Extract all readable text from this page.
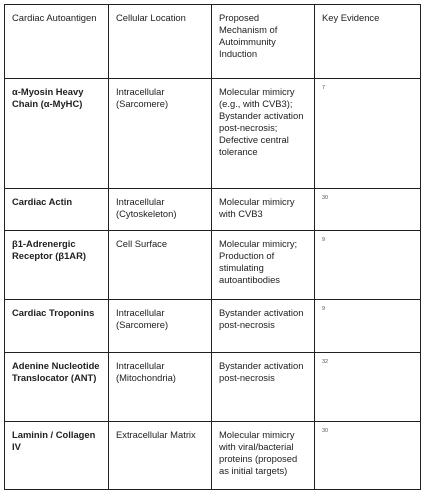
Cardiac Autoantigen	Cellular Location	Proposed Mechanism of Autoimmunity Induction	Key Evidence
α-Myosin Heavy Chain (α-MyHC)	Intracellular (Sarcomere)	Molecular mimicry (e.g., with CVB3); Bystander activation post-necrosis; Defective central tolerance	7
Cardiac Actin	Intracellular (Cytoskeleton)	Molecular mimicry with CVB3	30
β1-Adrenergic Receptor (β1AR)	Cell Surface	Molecular mimicry; Production of stimulating autoantibodies	9
Cardiac Troponins	Intracellular (Sarcomere)	Bystander activation post-necrosis	9
Adenine Nucleotide Translocator (ANT)	Intracellular (Mitochondria)	Bystander activation post-necrosis	32
Laminin / Collagen IV	Extracellular Matrix	Molecular mimicry with viral/bacterial proteins (proposed as initial targets)	30
